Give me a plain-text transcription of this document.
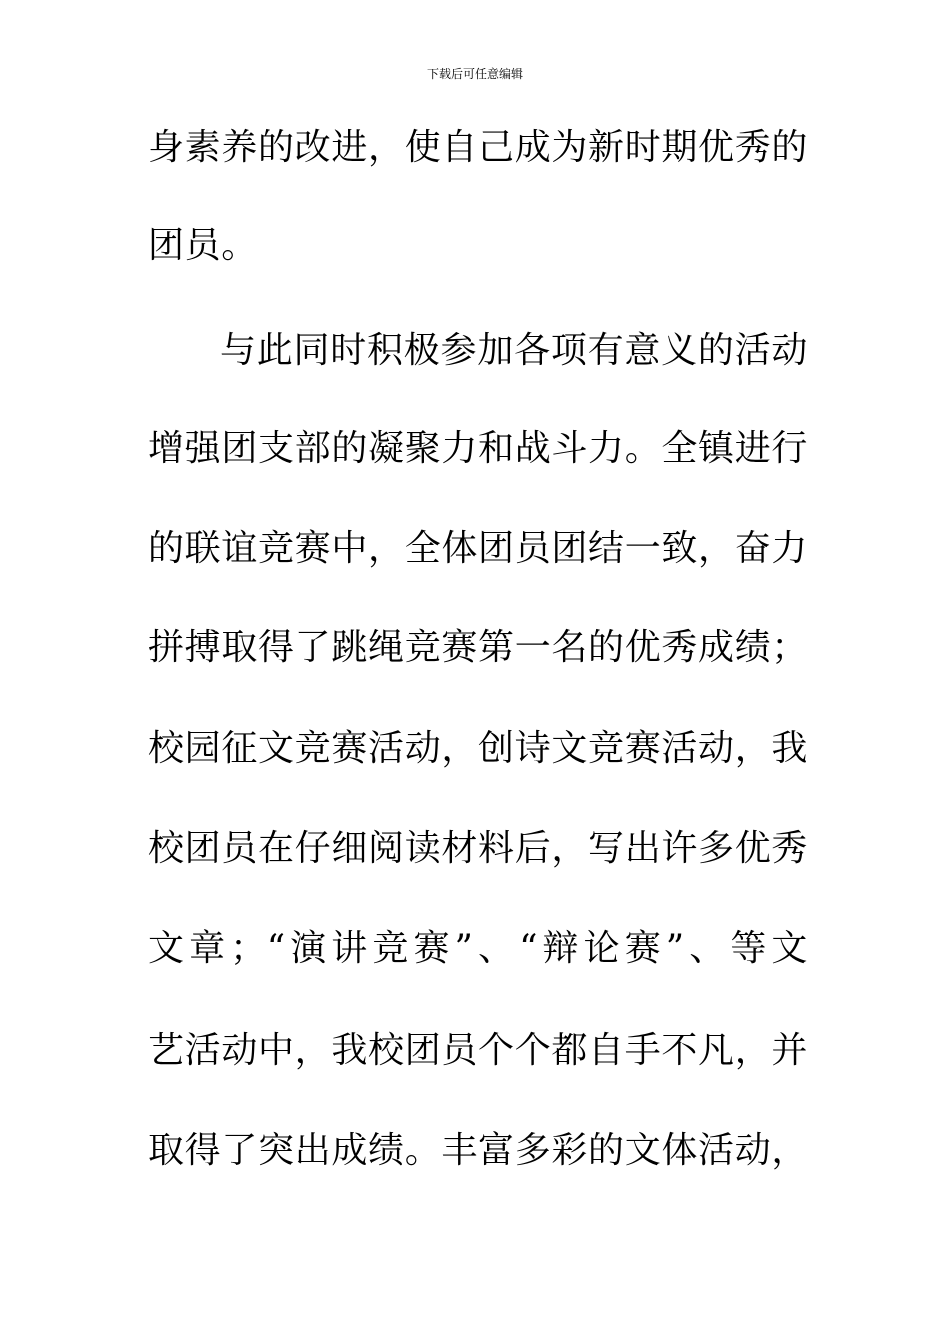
下载后可任意编辑
身素养的改进，使自己成为新时期优秀的
团员。
与此同时积极参加各项有意义的活动
增强团支部的凝聚力和战斗力。全镇进行
的联谊竞赛中，全体团员团结一致，奋力
拼搏取得了跳绳竞赛第一名的优秀成绩；
校园征文竞赛活动，创诗文竞赛活动，我
校团员在仔细阅读材料后，写出许多优秀
文章；“演讲竞赛”、“辩论赛”、等文
艺活动中，我校团员个个都自手不凡，并
取得了突出成绩。丰富多彩的文体活动，
